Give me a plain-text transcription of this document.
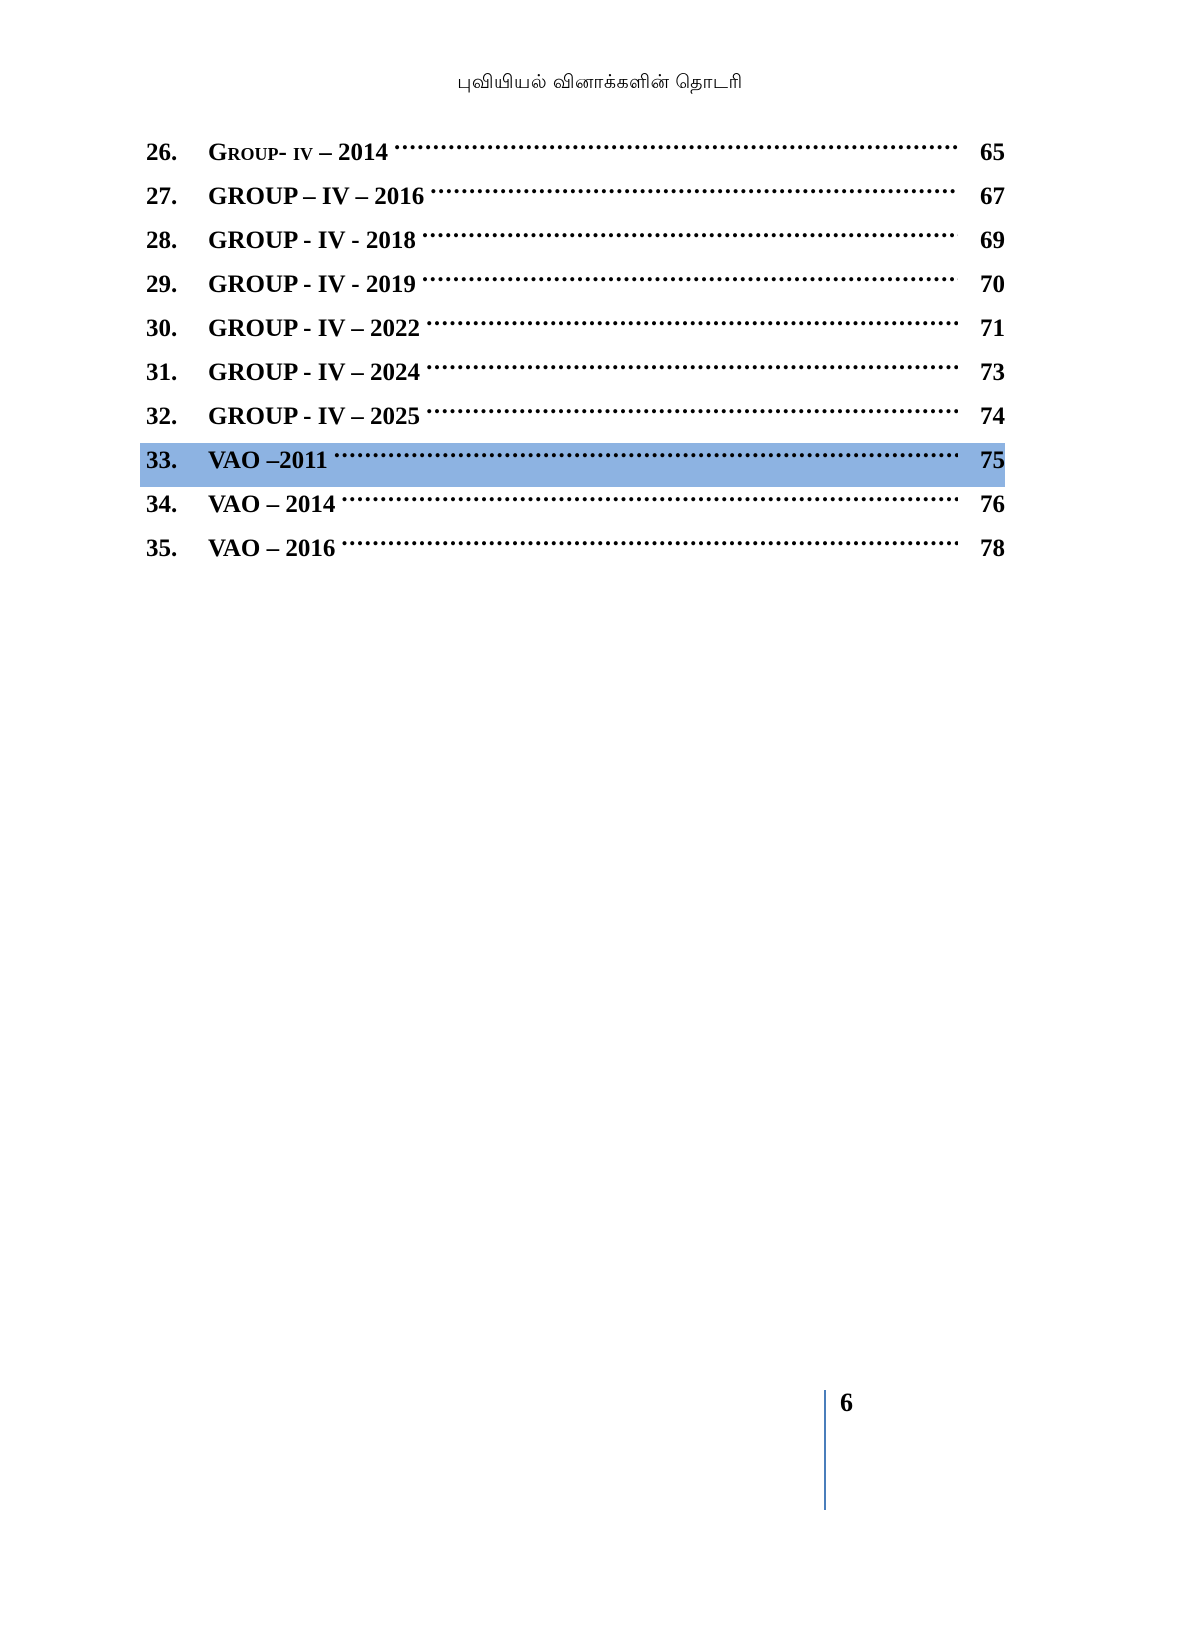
புவியியல் வினாக்களின் தொடரி
26.	group- iv – 2014 .....	65
27.	GROUP – IV – 2016 .....	67
28.	GROUP - IV - 2018 .....	69
29.	GROUP - IV - 2019 .....	70
30.	GROUP - IV – 2022 .....	71
31.	GROUP - IV – 2024 .....	73
32.	GROUP - IV – 2025 .....	74
33.	VAO –2011 .....	75
34.	VAO – 2014 .....	76
35.	VAO – 2016 .....	78
6
